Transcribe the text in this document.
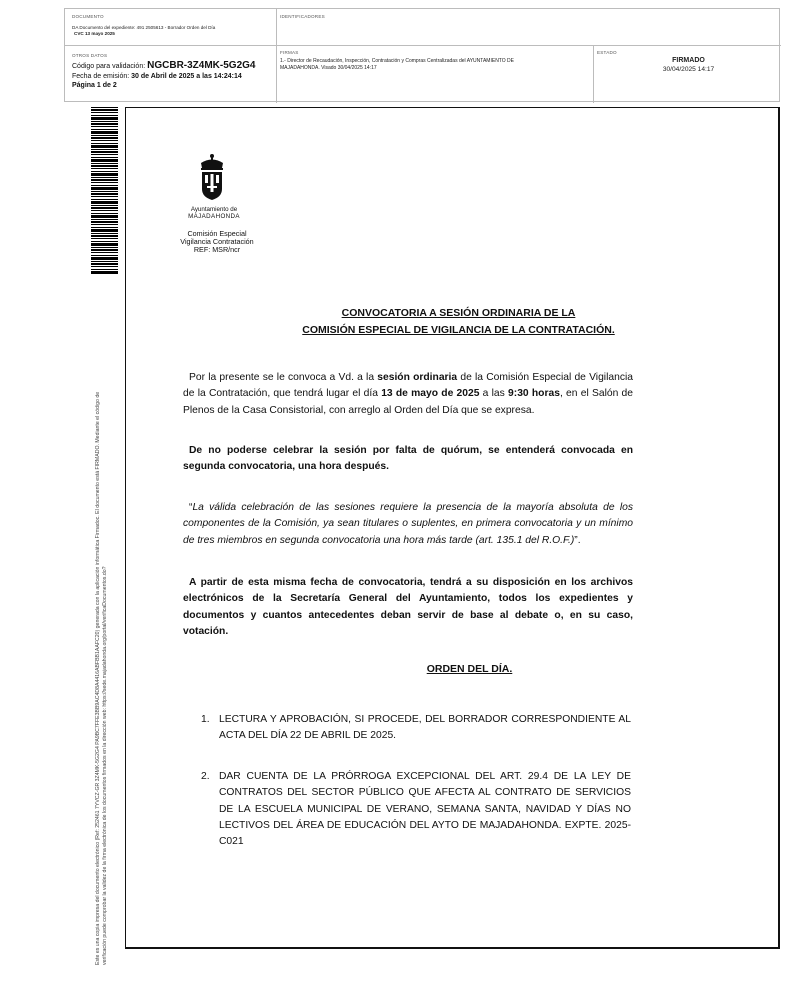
DOCUMENTO
DA Documento del expediente: 491 2505613 - Borrador Orden del Día
CVC 13 mayo 2025
IDENTIFICADORES
OTROS DATOS
Código para validación: NGCBR-3Z4MK-5G2G4
Fecha de emisión: 30 de Abril de 2025 a las 14:24:14
Página 1 de 2
FIRMAS
1.- Director de Recaudación, Inspección, Contratación y Compras Centralizadas del AYUNTAMIENTO DE
MAJADAHONDA. Visado 30/04/2025 14:17
ESTADO
FIRMADO
30/04/2025 14:17
Este es una copia impresa del documento electrónico (Ref: 252461 7YVCZ-GR 3Z4MK-5G2G4 PA9BC7FFE3BB9AC4D8A4416ABFBB1AAFC20) generada con la aplicación informática Firmadoc. El documento está FIRMADO. Mediante el código de verificación puede comprobar la validez de la firma electrónica de los documentos firmados en la dirección web: https://sede.majadahonda.org/portal/verificaDocumentos.do?
Ayuntamiento de
MAJADAHONDA
Comisión Especial
Vigilancia Contratación
REF: MSR/ncr
CONVOCATORIA A SESIÓN ORDINARIA DE LA
COMISIÓN ESPECIAL DE VIGILANCIA DE LA CONTRATACIÓN.
Por la presente se le convoca a Vd. a la sesión ordinaria de la Comisión Especial de Vigilancia de la Contratación, que tendrá lugar el día 13 de mayo de 2025 a las 9:30 horas, en el Salón de Plenos de la Casa Consistorial, con arreglo al Orden del Día que se expresa.
De no poderse celebrar la sesión por falta de quórum, se entenderá convocada en segunda convocatoria, una hora después.
“La válida celebración de las sesiones requiere la presencia de la mayoría absoluta de los componentes de la Comisión, ya sean titulares o suplentes, en primera convocatoria y un mínimo de tres miembros en segunda convocatoria una hora más tarde (art. 135.1 del R.O.F.)”.
A partir de esta misma fecha de convocatoria, tendrá a su disposición en los archivos electrónicos de la Secretaría General del Ayuntamiento, todos los expedientes y documentos y cuantos antecedentes deban servir de base al debate o, en su caso, votación.
ORDEN DEL DÍA.
1. LECTURA Y APROBACIÓN, SI PROCEDE, DEL BORRADOR CORRESPONDIENTE AL ACTA DEL DÍA 22 DE ABRIL DE 2025.
2. DAR CUENTA DE LA PRÓRROGA EXCEPCIONAL DEL ART. 29.4 DE LA LEY DE CONTRATOS DEL SECTOR PÚBLICO QUE AFECTA AL CONTRATO DE SERVICIOS DE LA ESCUELA MUNICIPAL DE VERANO, SEMANA SANTA, NAVIDAD Y DÍAS NO LECTIVOS DEL ÁREA DE EDUCACIÓN DEL AYTO DE MAJADAHONDA. EXPTE. 2025-C021
